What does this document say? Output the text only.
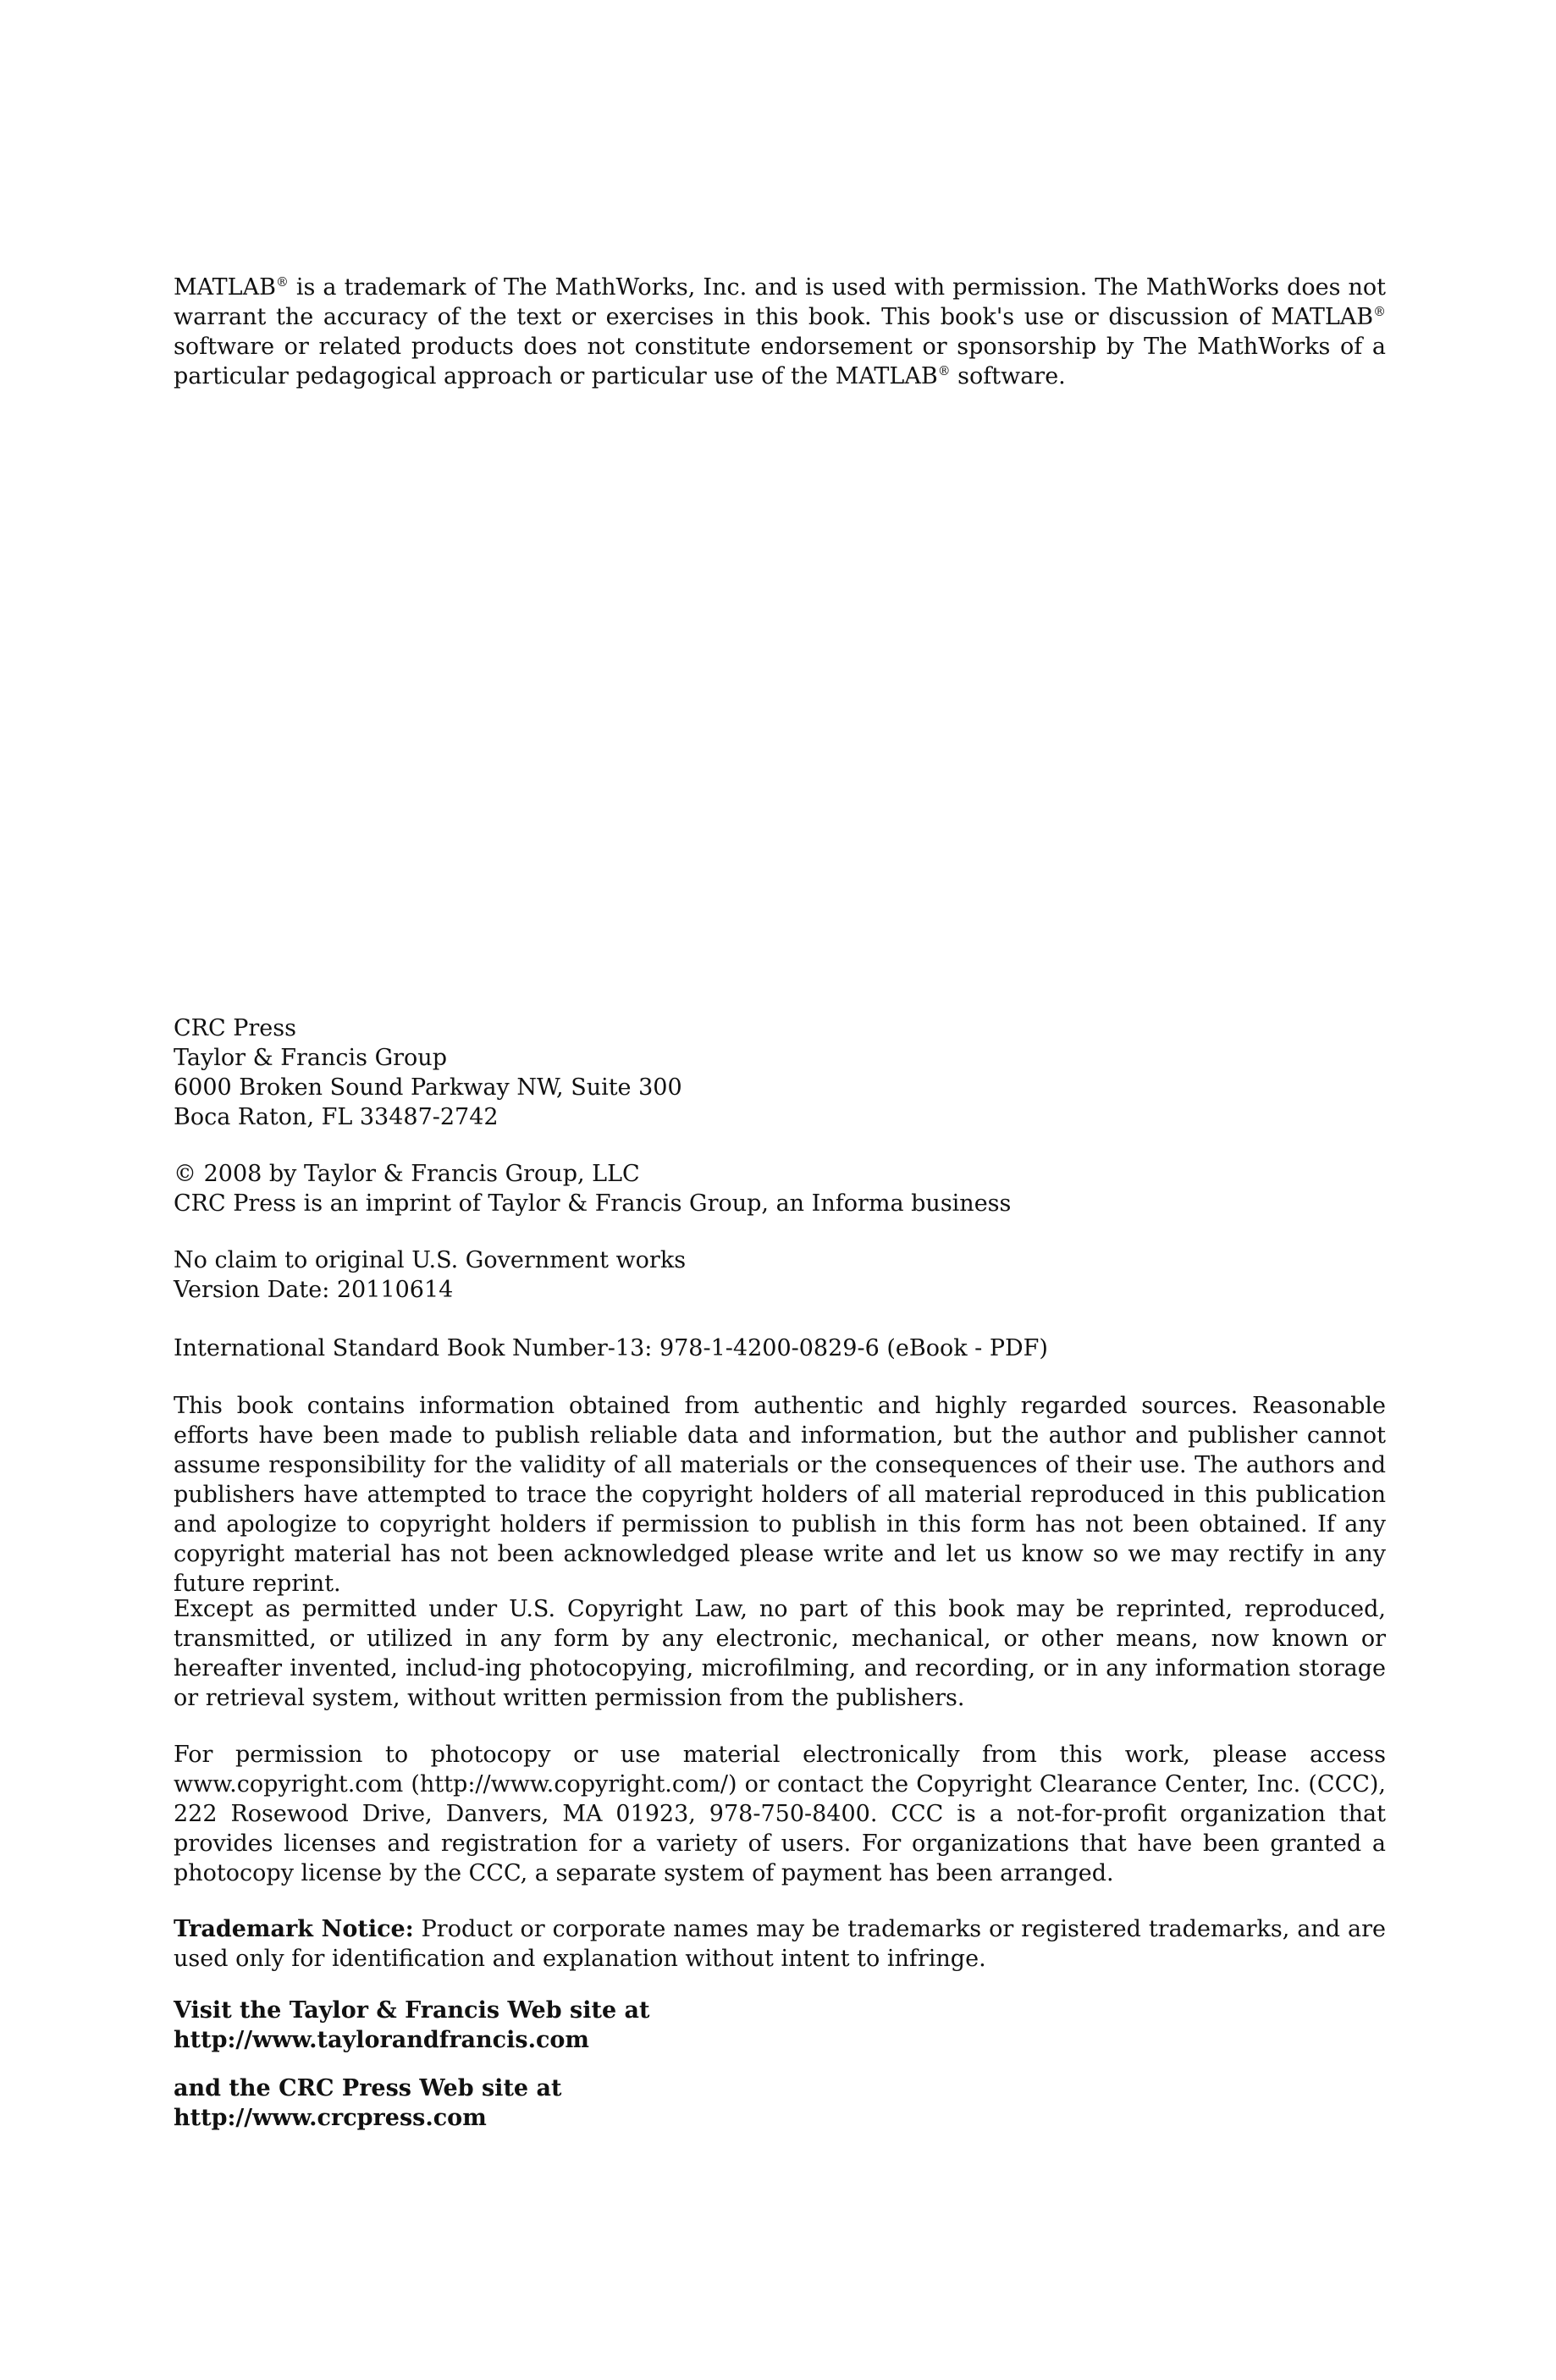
MATLAB® is a trademark of The MathWorks, Inc. and is used with permission. The MathWorks does not warrant the accuracy of the text or exercises in this book. This book's use or discussion of MATLAB® software or related products does not constitute endorsement or sponsorship by The MathWorks of a particular pedagogical approach or particular use of the MATLAB® software.

CRC Press
Taylor & Francis Group
6000 Broken Sound Parkway NW, Suite 300
Boca Raton, FL 33487-2742
© 2008 by Taylor & Francis Group, LLC
CRC Press is an imprint of Taylor & Francis Group, an Informa business
No claim to original U.S. Government works
Version Date: 20110614
International Standard Book Number-13: 978-1-4200-0829-6 (eBook - PDF)

This book contains information obtained from authentic and highly regarded sources. Reasonable efforts have been made to publish reliable data and information, but the author and publisher cannot assume responsibility for the validity of all materials or the consequences of their use. The authors and publishers have attempted to trace the copyright holders of all material reproduced in this publication and apologize to copyright holders if permission to publish in this form has not been obtained. If any copyright material has not been acknowledged please write and let us know so we may rectify in any future reprint.

Except as permitted under U.S. Copyright Law, no part of this book may be reprinted, reproduced, transmitted, or utilized in any form by any electronic, mechanical, or other means, now known or hereafter invented, includ-ing photocopying, microfilming, and recording, or in any information storage or retrieval system, without written permission from the publishers.

For permission to photocopy or use material electronically from this work, please access www.copyright.com (http://www.copyright.com/) or contact the Copyright Clearance Center, Inc. (CCC), 222 Rosewood Drive, Danvers, MA 01923, 978-750-8400. CCC is a not-for-profit organization that provides licenses and registration for a variety of users. For organizations that have been granted a photocopy license by the CCC, a separate system of payment has been arranged.

Trademark Notice: Product or corporate names may be trademarks or registered trademarks, and are used only for identification and explanation without intent to infringe.

Visit the Taylor & Francis Web site at
http://www.taylorandfrancis.com
and the CRC Press Web site at
http://www.crcpress.com
